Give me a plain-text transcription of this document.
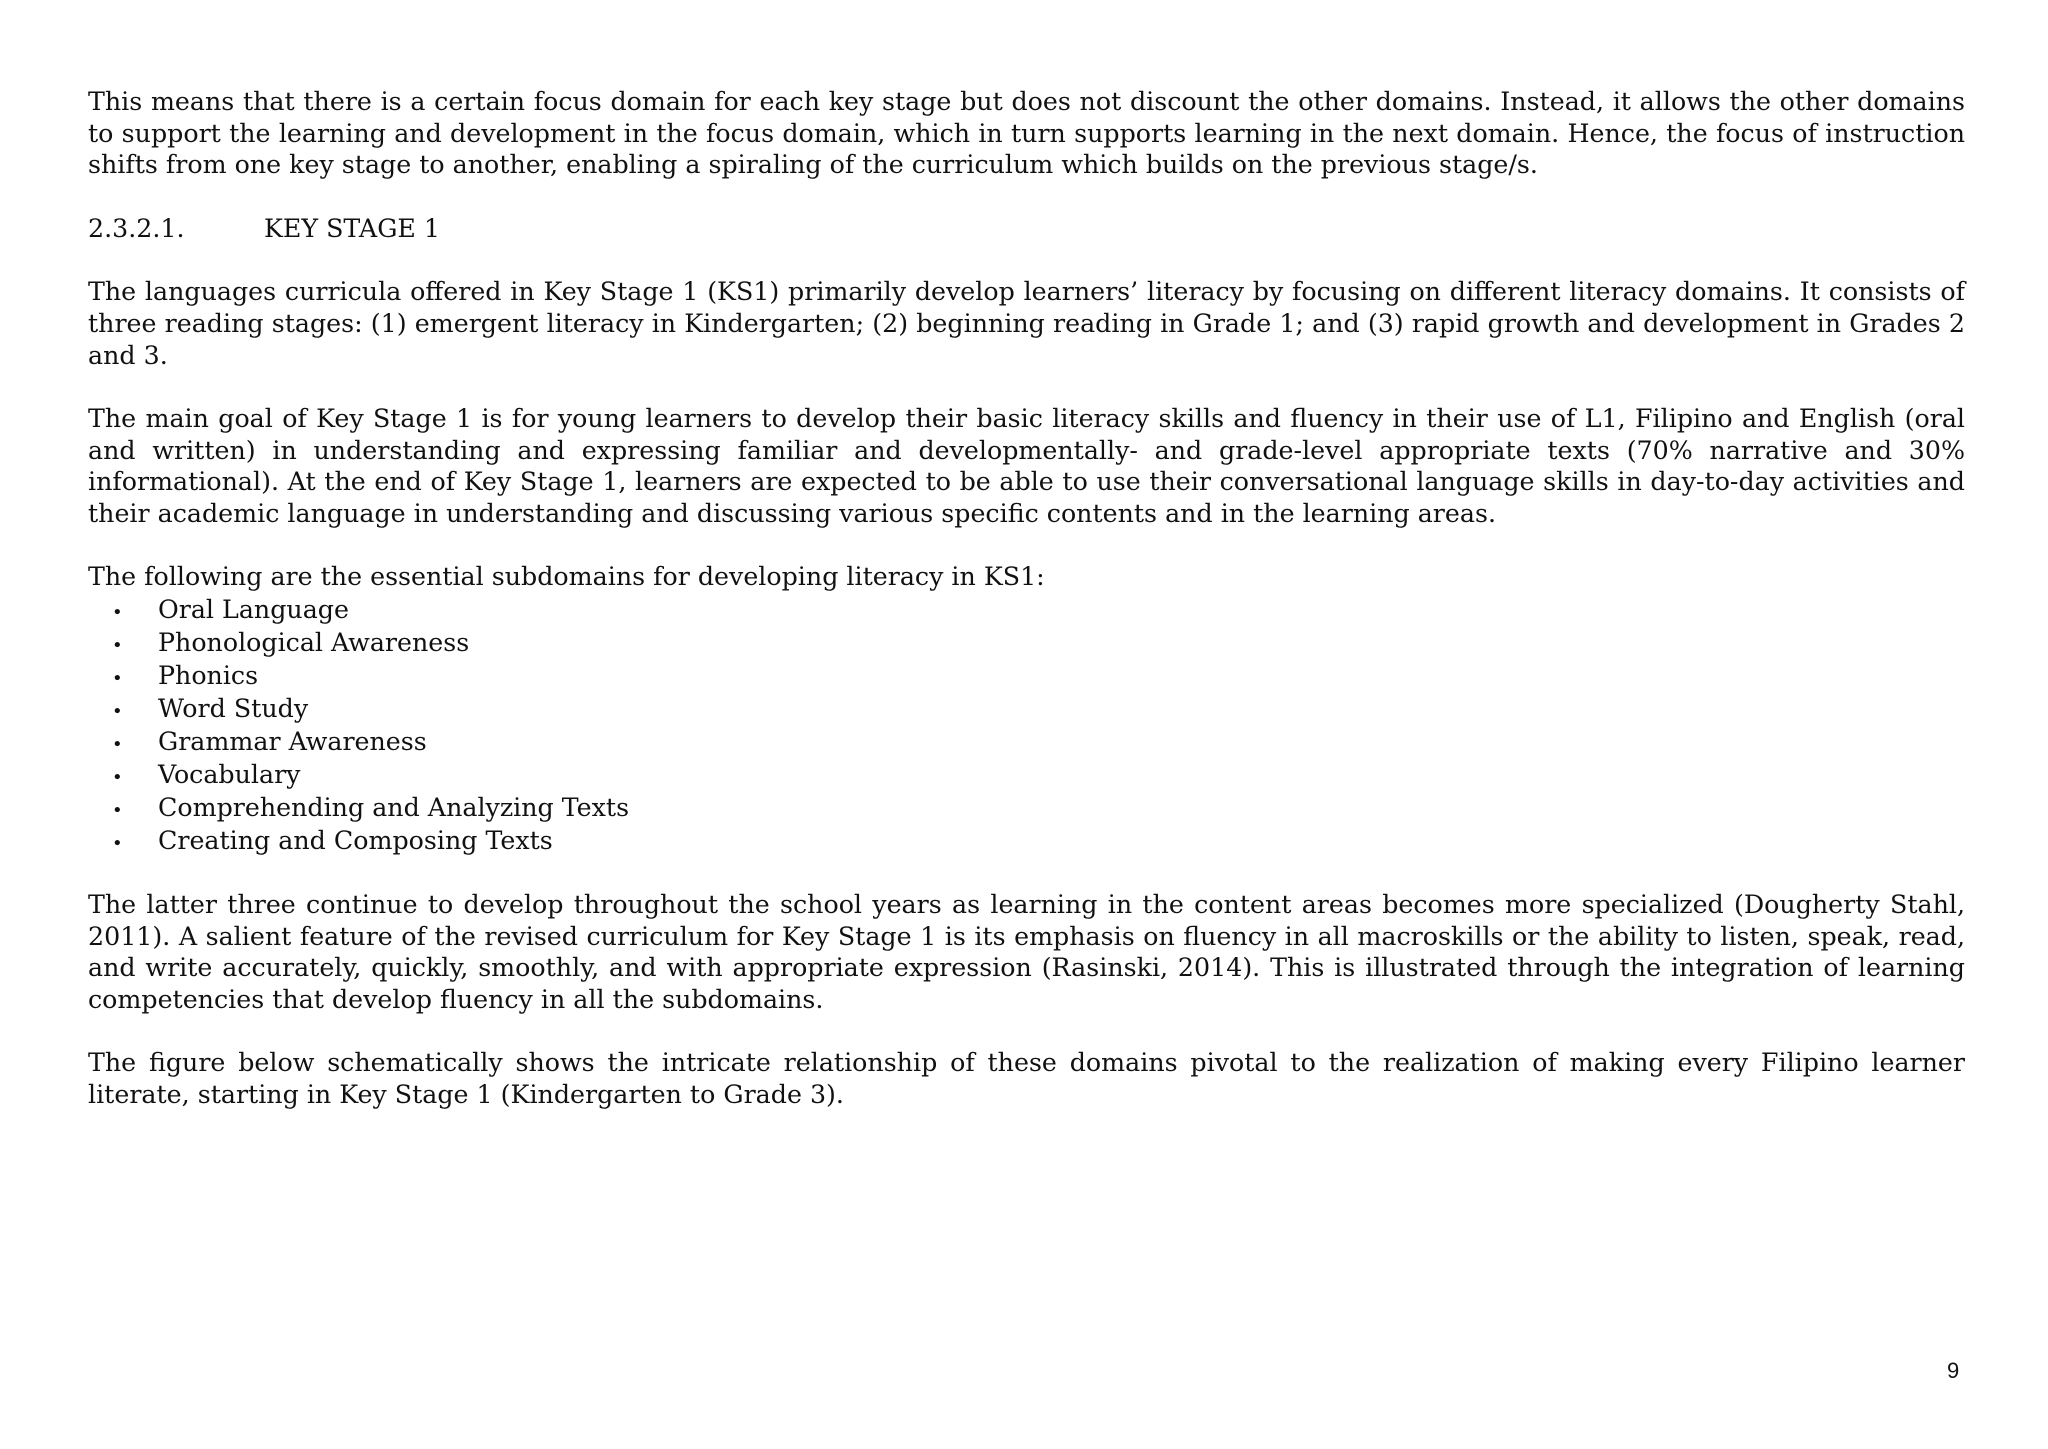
This means that there is a certain focus domain for each key stage but does not discount the other domains. Instead, it allows the other domains to support the learning and development in the focus domain, which in turn supports learning in the next domain. Hence, the focus of instruction shifts from one key stage to another, enabling a spiraling of the curriculum which builds on the previous stage/s.

2.3.2.1.	KEY STAGE 1

The languages curricula offered in Key Stage 1 (KS1) primarily develop learners’ literacy by focusing on different literacy domains. It consists of three reading stages: (1) emergent literacy in Kindergarten; (2) beginning reading in Grade 1; and (3) rapid growth and development in Grades 2 and 3.

The main goal of Key Stage 1 is for young learners to develop their basic literacy skills and fluency in their use of L1, Filipino and English (oral and written) in understanding and expressing familiar and developmentally- and grade-level appropriate texts (70% narrative and 30% informational). At the end of Key Stage 1, learners are expected to be able to use their conversational language skills in day-to-day activities and their academic language in understanding and discussing various specific contents and in the learning areas.

The following are the essential subdomains for developing literacy in KS1:

•	Oral Language
•	Phonological Awareness
•	Phonics
•	Word Study
•	Grammar Awareness
•	Vocabulary
•	Comprehending and Analyzing Texts
•	Creating and Composing Texts

The latter three continue to develop throughout the school years as learning in the content areas becomes more specialized (Dougherty Stahl, 2011). A salient feature of the revised curriculum for Key Stage 1 is its emphasis on fluency in all macroskills or the ability to listen, speak, read, and write accurately, quickly, smoothly, and with appropriate expression (Rasinski, 2014). This is illustrated through the integration of learning competencies that develop fluency in all the subdomains.

The figure below schematically shows the intricate relationship of these domains pivotal to the realization of making every Filipino learner literate, starting in Key Stage 1 (Kindergarten to Grade 3).

9
